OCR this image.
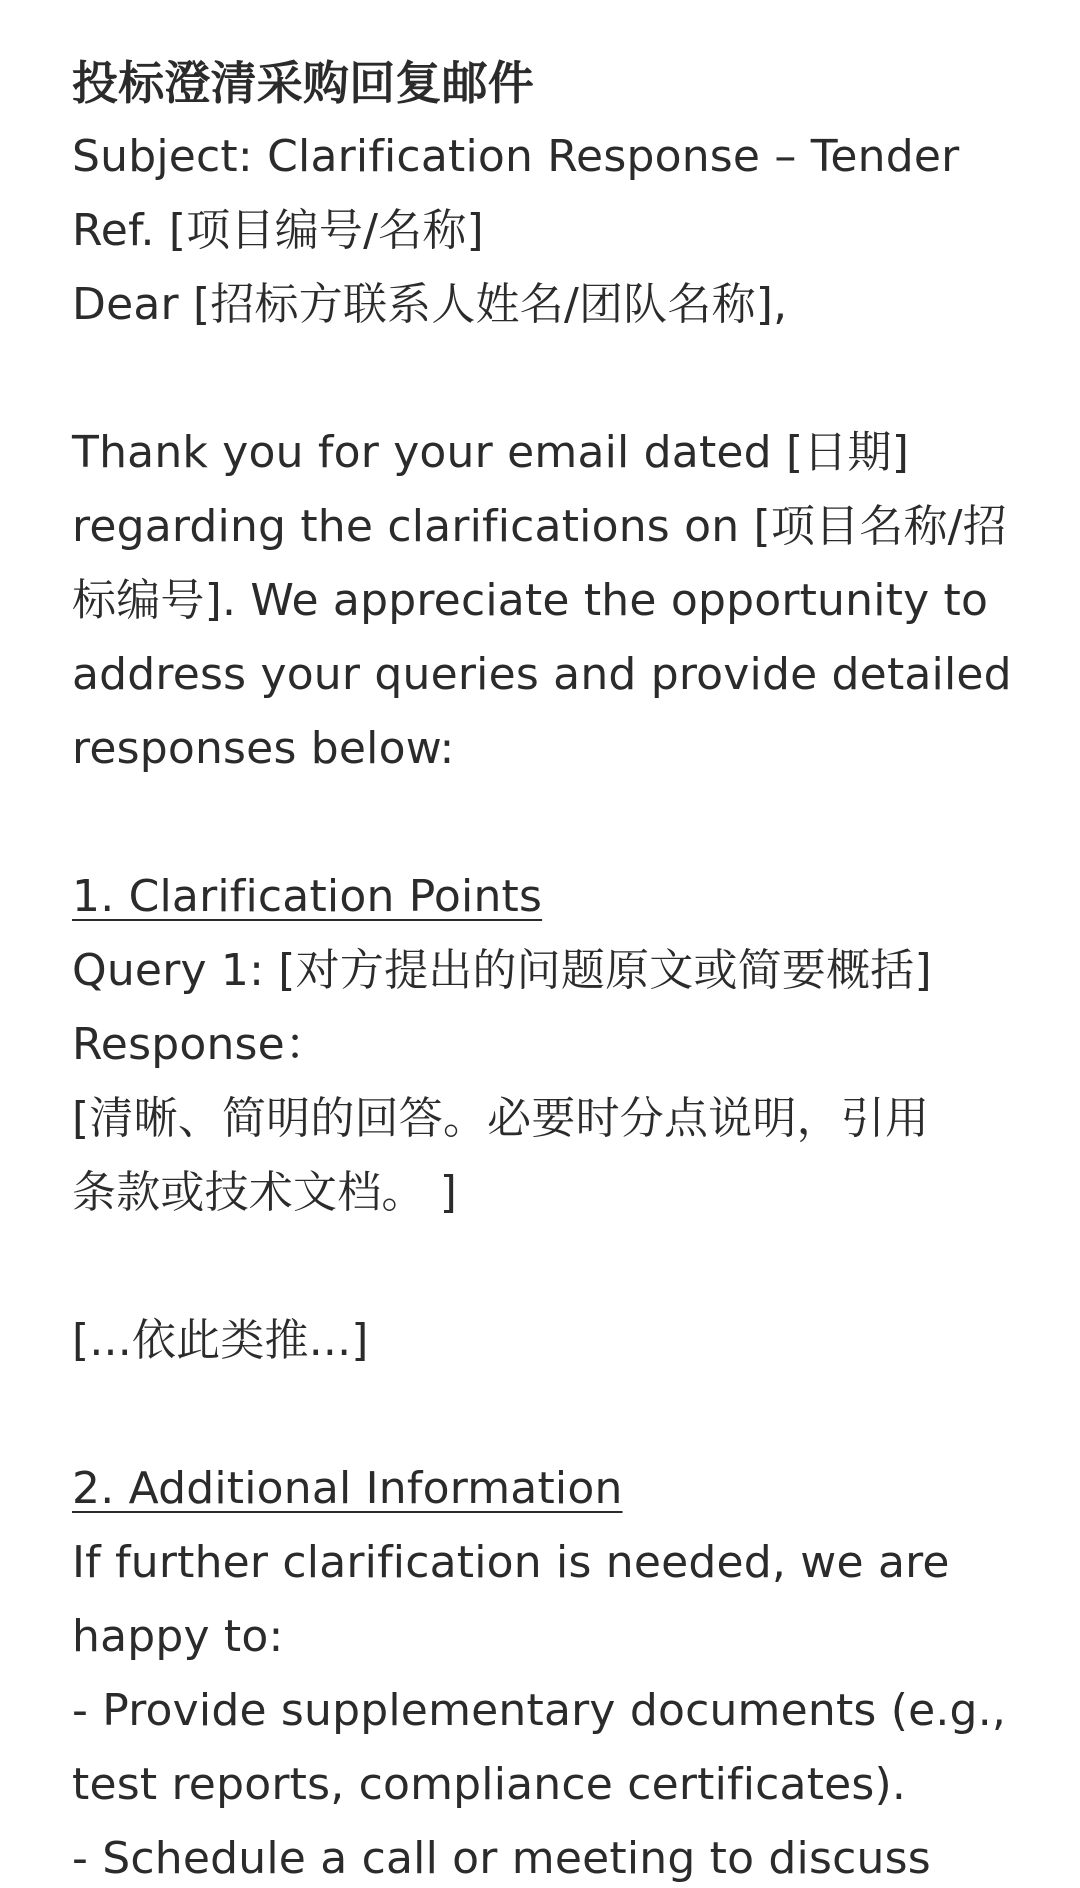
投标澄清采购回复邮件
Subject: Clarification Response – Tender
Ref. [项目编号/名称]
Dear [招标方联系人姓名/团队名称],
Thank you for your email dated [日期]
regarding the clarifications on [项目名称/招
标编号]. We appreciate the opportunity to
address your queries and provide detailed
responses below:
1. Clarification Points
Query 1: [对方提出的问题原文或简要概括]
Response：
[清晰、简明的回答。必要时分点说明，引用
条款或技术文档。 ]
[...依此类推...]
2. Additional Information
If further clarification is needed, we are
happy to:
- Provide supplementary documents (e.g.,
test reports, compliance certificates).
- Schedule a call or meeting to discuss
